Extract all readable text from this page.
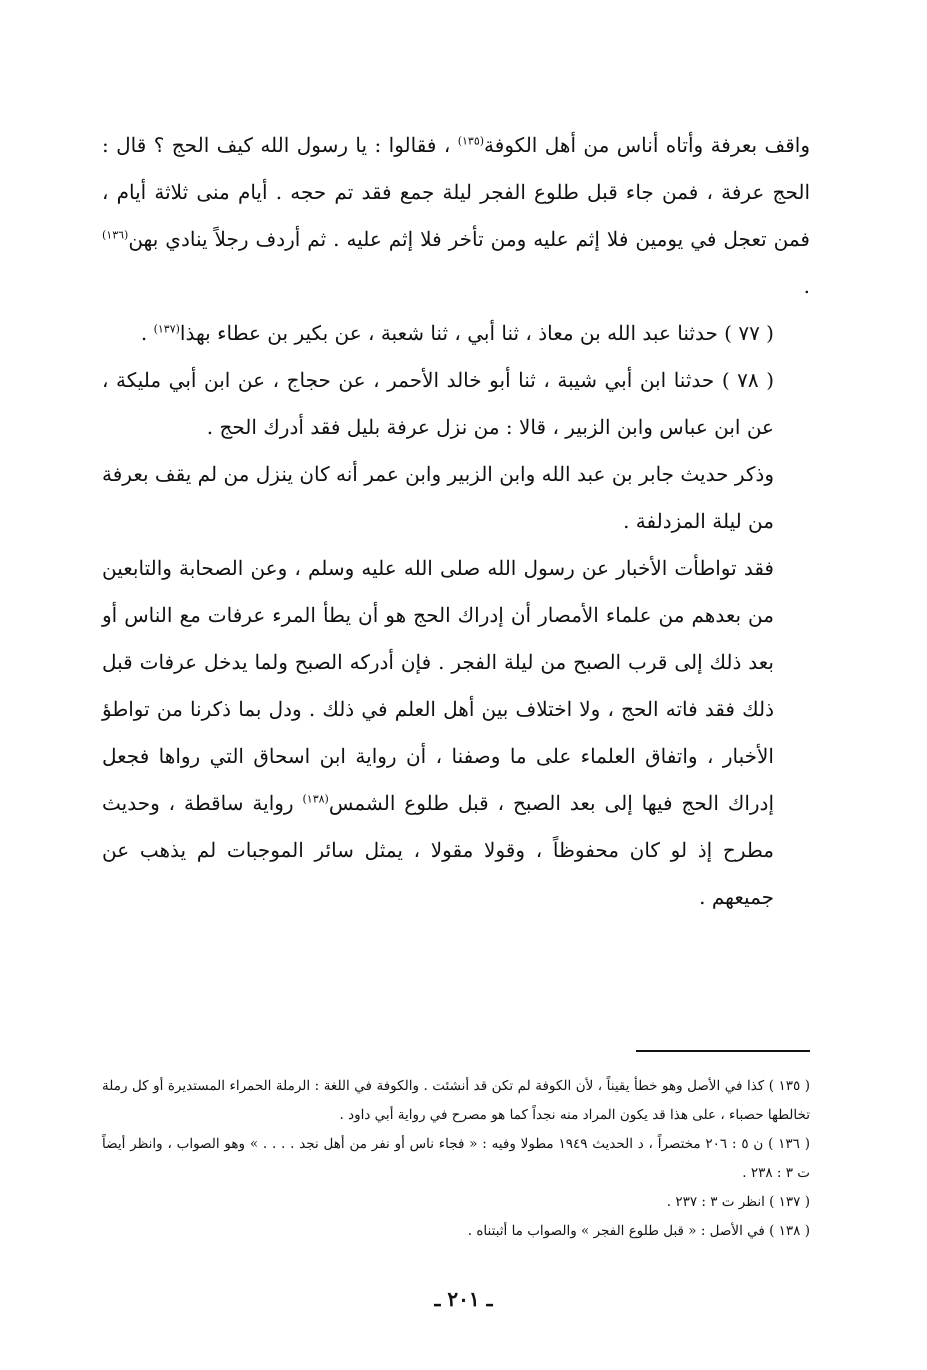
واقف بعرفة وأتاه أناس من أهل الكوفة$^{(١٣٥)}$ ، فقالوا : يا رسول الله كيف الحج ؟ قال : الحج عرفة ، فمن جاء قبل طلوع الفجر ليلة جمع فقد تم حجه . أيام منى ثلاثة أيام ، فمن تعجل في يومين فلا إثم عليه ومن تأخر فلا إثم عليه . ثم أردف رجلاً ينادي بهن$^{(١٣٦)}$ .

( ٧٧ ) حدثنا عبد الله بن معاذ ، ثنا أبي ، ثنا شعبة ، عن بكير بن عطاء بهذا$^{(١٣٧)}$ .

( ٧٨ ) حدثنا ابن أبي شيبة ، ثنا أبو خالد الأحمر ، عن حجاج ، عن ابن أبي مليكة ، عن ابن عباس وابن الزبير ، قالا : من نزل عرفة بليل فقد أدرك الحج .

وذكر حديث جابر بن عبد الله وابن الزبير وابن عمر أنه كان ينزل من لم يقف بعرفة من ليلة المزدلفة .

فقد تواطأت الأخبار عن رسول الله صلى الله عليه وسلم ، وعن الصحابة والتابعين من بعدهم من علماء الأمصار أن إدراك الحج هو أن يطأ المرء عرفات مع الناس أو بعد ذلك إلى قرب الصبح من ليلة الفجر . فإن أدركه الصبح ولما يدخل عرفات قبل ذلك فقد فاته الحج ، ولا اختلاف بين أهل العلم في ذلك . ودل بما ذكرنا من تواطؤ الأخبار ، واتفاق العلماء على ما وصفنا ، أن رواية ابن اسحاق التي رواها فجعل إدراك الحج فيها إلى بعد الصبح ، قبل طلوع الشمس$^{(١٣٨)}$ رواية ساقطة ، وحديث مطرح إذ لو كان محفوظاً ، وقولا مقولا ، يمثل سائر الموجبات لم يذهب عن جميعهم .

( ١٣٥ ) كذا في الأصل وهو خطأ يقيناً ، لأن الكوفة لم تكن قد أنشئت . والكوفة في اللغة : الرملة الحمراء المستديرة أو كل رملة تخالطها حصباء ، على هذا قد يكون المراد منه نجداً كما هو مصرح في رواية أبي داود .

( ١٣٦ ) ن ٥ : ٢٠٦ مختصراً ، د الحديث ١٩٤٩ مطولا وفيه : « فجاء ناس أو نفر من أهل نجد . . . . » وهو الصواب ، وانظر أيضاً ت ٣ : ٢٣٨ .

( ١٣٧ ) انظر ت ٣ : ٢٣٧ .

( ١٣٨ ) في الأصل : « قبل طلوع الفجر » والصواب ما أثبتناه .

ـ ٢٠١ ـ
